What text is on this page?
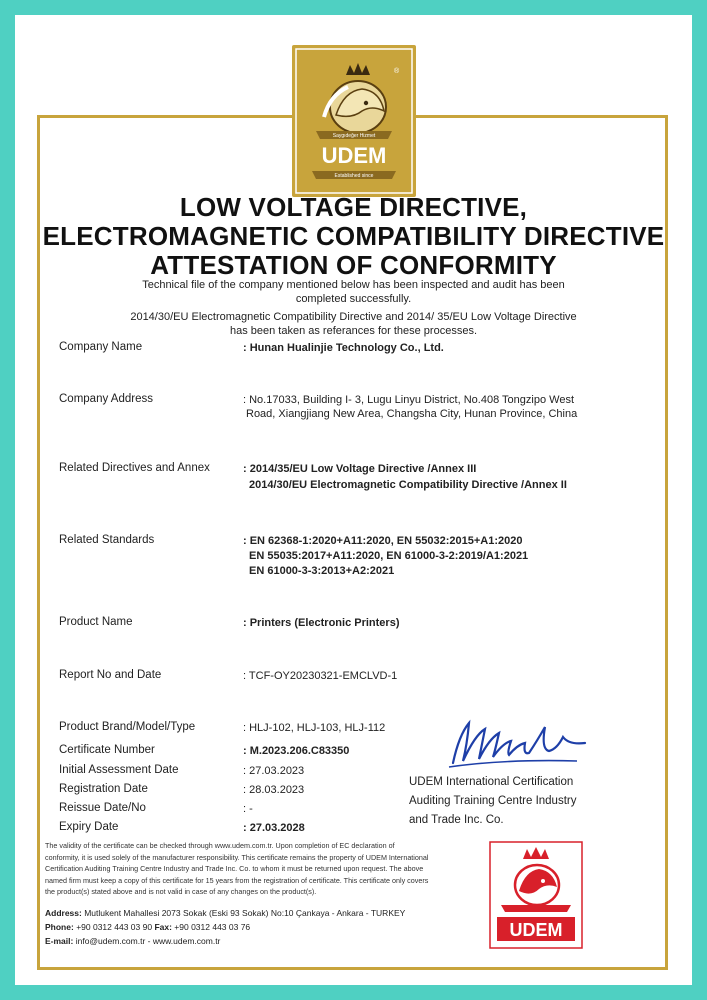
Saygıdeğer Hizmet
UDEM
Established since
®
LOW VOLTAGE DIRECTIVE,
ELECTROMAGNETIC COMPATIBILITY DIRECTIVE
ATTESTATION OF CONFORMITY
Technical file of the company mentioned below has been inspected and audit has been
completed successfully.
2014/30/EU Electromagnetic Compatibility Directive and 2014/ 35/EU Low Voltage Directive
has been taken as referances for these processes.
Company Name	: Hunan Hualinjie Technology Co., Ltd.
Company Address	: No.17033, Building I- 3, Lugu Linyu District, No.408 Tongzipo West
Road, Xiangjiang New Area, Changsha City, Hunan Province, China
Related Directives and Annex	: 2014/35/EU Low Voltage Directive /Annex III
2014/30/EU Electromagnetic Compatibility Directive /Annex II
Related Standards	: EN 62368-1:2020+A11:2020, EN 55032:2015+A1:2020
EN 55035:2017+A11:2020, EN 61000-3-2:2019/A1:2021
EN 61000-3-3:2013+A2:2021
Product Name	: Printers (Electronic Printers)
Report No and Date	: TCF-OY20230321-EMCLVD-1
Product Brand/Model/Type	: HLJ-102, HLJ-103, HLJ-112
Certificate Number	: M.2023.206.C83350
Initial Assessment Date	: 27.03.2023
Registration Date	: 28.03.2023
Reissue Date/No	: -
Expiry Date	: 27.03.2028
UDEM International Certification
Auditing Training Centre Industry
and Trade Inc. Co.
The validity of the certificate can be checked through www.udem.com.tr. Upon completion of EC declaration of
conformity, it is used solely of the manufacturer responsibility. This certificate remains the property of UDEM International
Certification Auditing Training Centre Industry and Trade Inc. Co. to whom it must be returned upon request. The above
named firm must keep a copy of this certificate for 15 years from the registration of certificate. This certificate only covers
the product(s) stated above and is not valid in case of any changes on the product(s).
Address: Mutlukent Mahallesi 2073 Sokak (Eski 93 Sokak) No:10 Çankaya - Ankara - TURKEY
Phone: +90 0312 443 03 90 Fax: +90 0312 443 03 76
E-mail: info@udem.com.tr - www.udem.com.tr
UDEM
